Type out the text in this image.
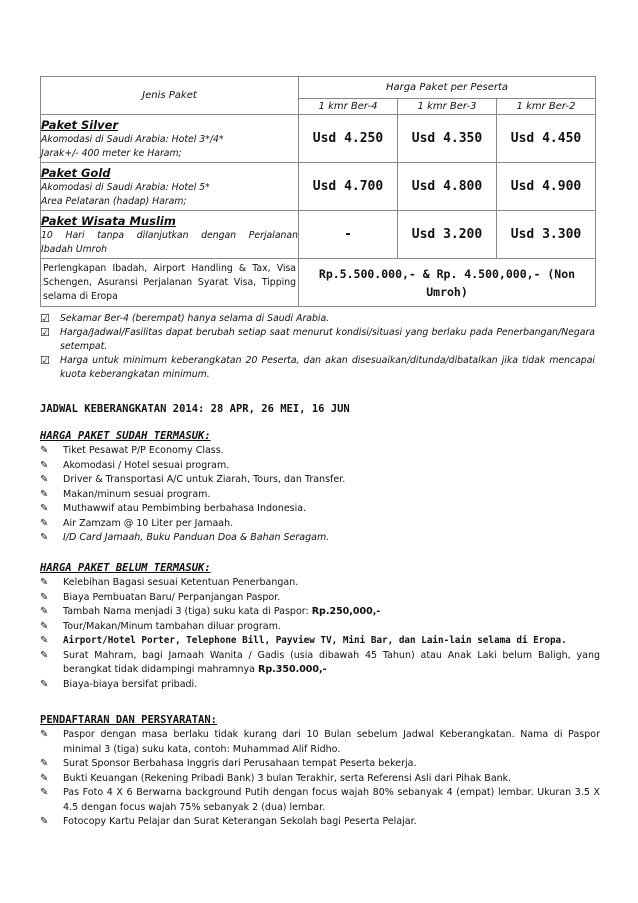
Jenis Paket	Harga Paket per Peserta		
	1 kmr Ber-4	1 kmr Ber-3	1 kmr Ber-2

Paket Silver
Akomodasi di Saudi Arabia: Hotel 3*/4*
Jarak+/- 400 meter ke Haram;	Usd 4.250	Usd 4.350	Usd 4.450

Paket Gold
Akomodasi di Saudi Arabia: Hotel 5*
Area Pelataran (hadap) Haram;	Usd 4.700	Usd 4.800	Usd 4.900

Paket Wisata Muslim
10 Hari tanpa dilanjutkan dengan Perjalanan
Ibadah Umroh	-	Usd 3.200	Usd 3.300
Perlengkapan Ibadah, Airport Handling & Tax, Visa Schengen, Asuransi Perjalanan Syarat Visa, Tipping selama di Eropa	Rp.5.500.000,- & Rp. 4.500,000,- (Non Umroh)		
☑	Sekamar Ber-4 (berempat) hanya selama di Saudi Arabia.
☑	Harga/Jadwal/Fasilitas dapat berubah setiap saat menurut kondisi/situasi yang berlaku pada Penerbangan/Negara setempat.
☑	Harga untuk minimum keberangkatan 20 Peserta, dan akan disesuaikan/ditunda/dibatalkan jika tidak mencapai kuota keberangkatan minimum.
JADWAL KEBERANGKATAN 2014: 28 APR, 26 MEI, 16 JUN
HARGA PAKET SUDAH TERMASUK:
✎	Tiket Pesawat P/P Economy Class.
✎	Akomodasi / Hotel sesuai program.
✎	Driver & Transportasi A/C untuk Ziarah, Tours, dan Transfer.
✎	Makan/minum sesuai program.
✎	Muthawwif atau Pembimbing berbahasa Indonesia.
✎	Air Zamzam @ 10 Liter per Jamaah.
✎	I/D Card Jamaah, Buku Panduan Doa & Bahan Seragam.
HARGA PAKET BELUM TERMASUK:
✎	Kelebihan Bagasi sesuai Ketentuan Penerbangan.
✎	Biaya Pembuatan Baru/ Perpanjangan Paspor.
✎	Tambah Nama menjadi 3 (tiga) suku kata di Paspor: Rp.250,000,-
✎	Tour/Makan/Minum tambahan diluar program.
✎	Airport/Hotel Porter, Telephone Bill, Payview TV, Mini Bar, dan Lain-lain selama di Eropa.
✎	Surat Mahram, bagi Jamaah Wanita / Gadis (usia dibawah 45 Tahun) atau Anak Laki belum Baligh, yang berangkat tidak didampingi mahramnya Rp.350.000,-
✎	Biaya-biaya bersifat pribadi.
PENDAFTARAN DAN PERSYARATAN:
✎	Paspor dengan masa berlaku tidak kurang dari 10 Bulan sebelum Jadwal Keberangkatan. Nama di Paspor minimal 3 (tiga) suku kata, contoh: Muhammad Alif Ridho.
✎	Surat Sponsor Berbahasa Inggris dari Perusahaan tempat Peserta bekerja.
✎	Bukti Keuangan (Rekening Pribadi Bank) 3 bulan Terakhir, serta Referensi Asli dari Pihak Bank.
✎	Pas Foto 4 X 6 Berwarna background Putih dengan focus wajah 80% sebanyak 4 (empat) lembar. Ukuran 3.5 X 4.5 dengan focus wajah 75% sebanyak 2 (dua) lembar.
✎	Fotocopy Kartu Pelajar dan Surat Keterangan Sekolah bagi Peserta Pelajar.
